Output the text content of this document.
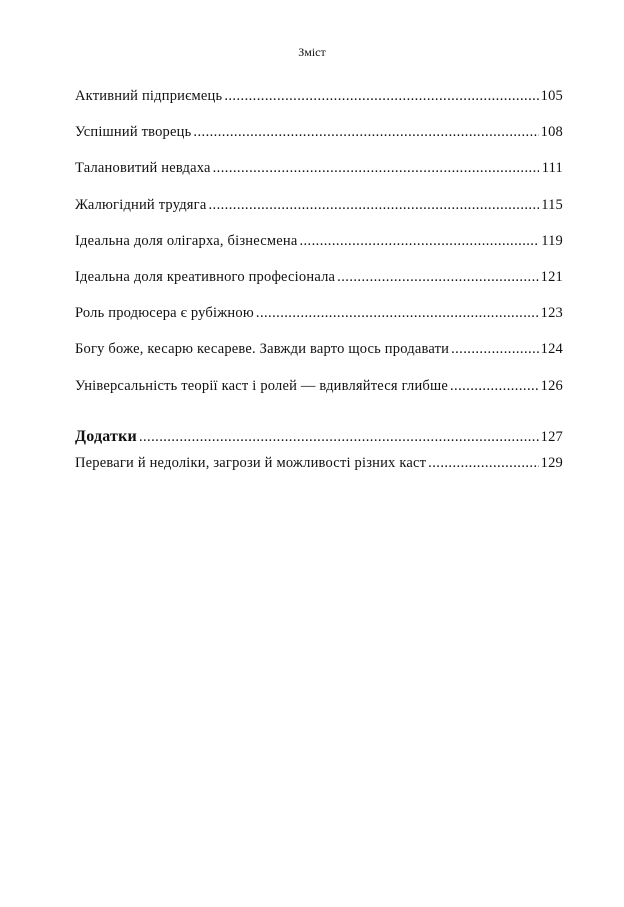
Зміст
Активний підприємець . . .	105
Успішний творець . . .	108
Талановитий невдаха . . .	111
Жалюгідний трудяга . . .	115
Ідеальна доля олігарха, бізнесмена . . .	119
Ідеальна доля креативного професіонала . . .	121
Роль продюсера є рубіжною . . .	123
Богу боже, кесарю кесареве. Завжди варто щось продавати . . .	124
Універсальність теорії каст і ролей — вдивляйтеся глибше . . .	126
Додатки . . .	127
Переваги й недоліки, загрози й можливості різних каст . . .	129
